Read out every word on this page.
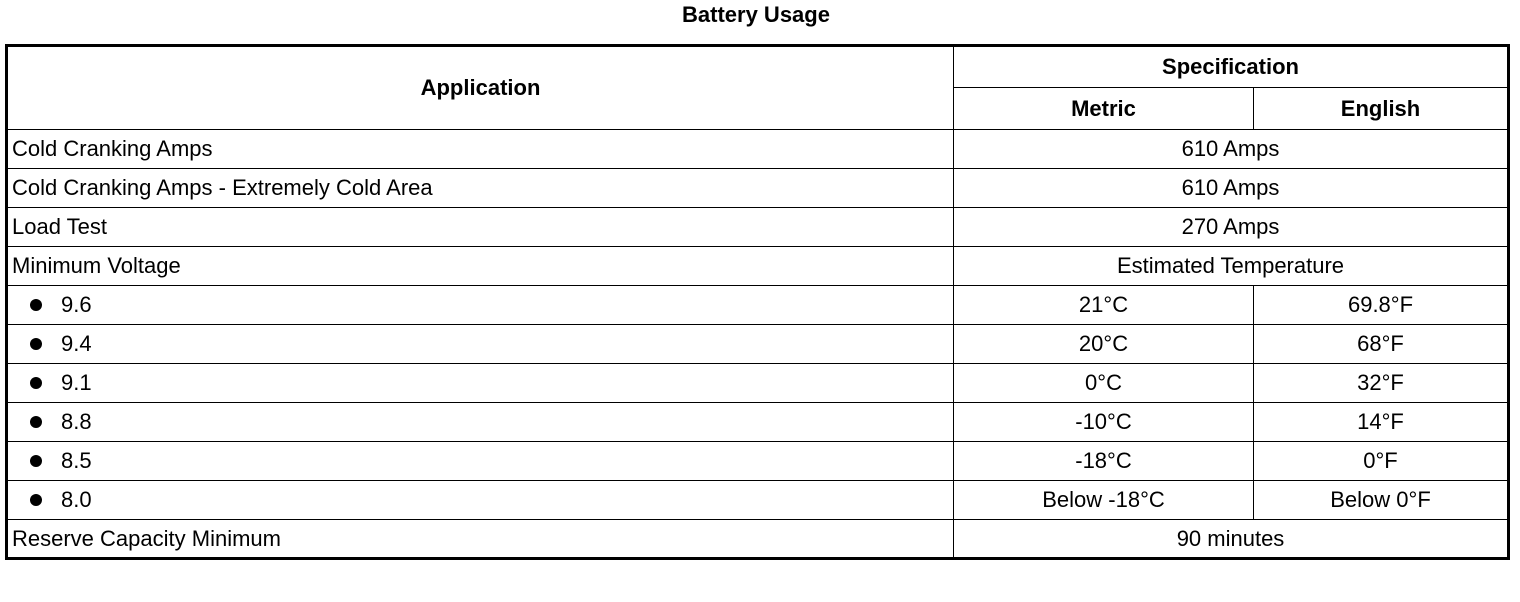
Battery Usage
Application	Specification	
	Metric	English
Cold Cranking Amps	610 Amps	
Cold Cranking Amps - Extremely Cold Area	610 Amps	
Load Test	270 Amps	
Minimum Voltage	Estimated Temperature	

9.6	21°C	69.8°F

9.4	20°C	68°F

9.1	0°C	32°F

8.8	-10°C	14°F

8.5	-18°C	0°F

8.0	Below -18°C	Below 0°F
Reserve Capacity Minimum	90 minutes	
